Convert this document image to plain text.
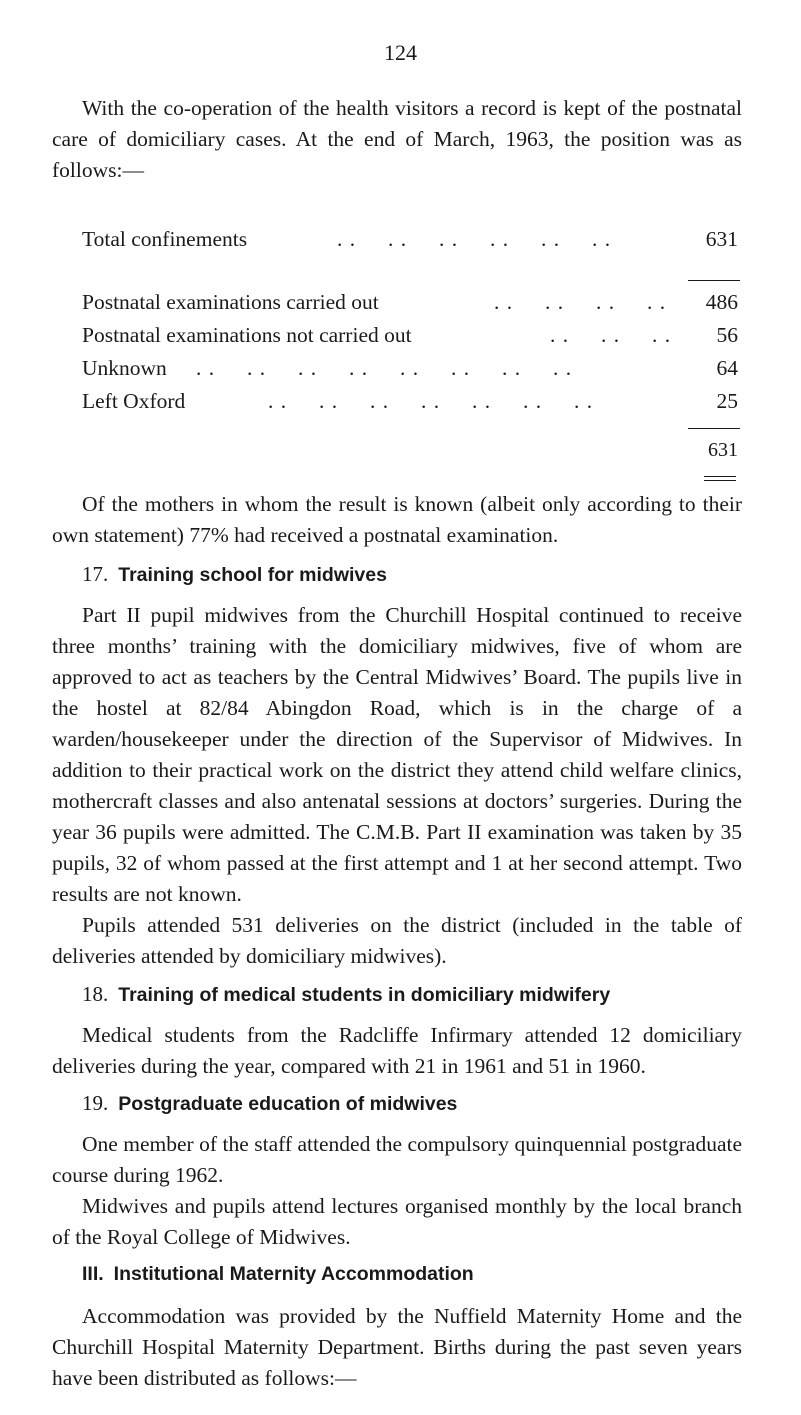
124

With the co-operation of the health visitors a record is kept of the postnatal care of domiciliary cases. At the end of March, 1963, the position was as follows:—

Total confinements	. .     . .     . .     . .     . .     . .	631
Postnatal examinations carried out	. .     . .     . .     . . 486
Postnatal examinations not carried out	. .     . .     . . 56
Unknown . .     . .     . .     . .     . .     . .     . .     . .	64
Left Oxford	. .     . .     . .     . .     . .     . .     . .	25
631

Of the mothers in whom the result is known (albeit only according to their own statement) 77% had received a postnatal examination.

17. Training school for midwives

Part II pupil midwives from the Churchill Hospital continued to receive three months’ training with the domiciliary midwives, five of whom are approved to act as teachers by the Central Midwives’ Board. The pupils live in the hostel at 82/84 Abingdon Road, which is in the charge of a warden/housekeeper under the direction of the Supervisor of Midwives. In addition to their practical work on the district they attend child welfare clinics, mothercraft classes and also antenatal sessions at doctors’ surgeries. During the year 36 pupils were admitted. The C.M.B. Part II examination was taken by 35 pupils, 32 of whom passed at the first attempt and 1 at her second attempt. Two results are not known.

Pupils attended 531 deliveries on the district (included in the table of deliveries attended by domiciliary midwives).

18. Training of medical students in domiciliary midwifery

Medical students from the Radcliffe Infirmary attended 12 domiciliary deliveries during the year, compared with 21 in 1961 and 51 in 1960.

19. Postgraduate education of midwives

One member of the staff attended the compulsory quinquennial postgraduate course during 1962.

Midwives and pupils attend lectures organised monthly by the local branch of the Royal College of Midwives.

III. Institutional Maternity Accommodation

Accommodation was provided by the Nuffield Maternity Home and the Churchill Hospital Maternity Department. Births during the past seven years have been distributed as follows:—
